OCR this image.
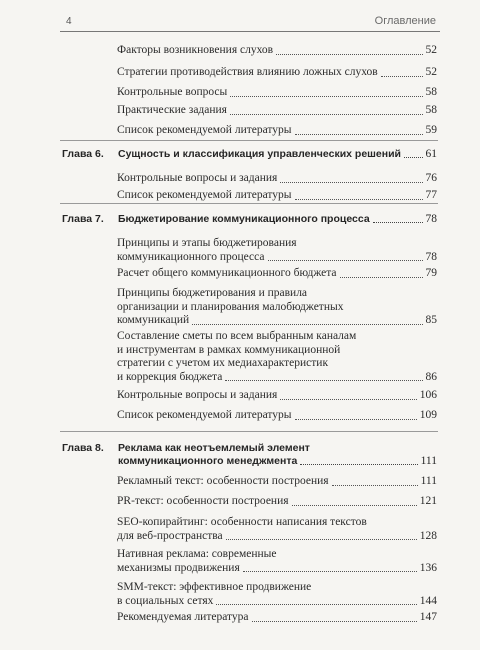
4	Оглавление
Факторы возникновения слухов	52
Стратегии противодействия влиянию ложных слухов	52
Контрольные вопросы	58
Практические задания	58
Список рекомендуемой литературы	59
Глава 6.	Сущность и классификация управленческих решений 61
Контрольные вопросы и задания	76
Список рекомендуемой литературы	77
Глава 7.	Бюджетирование коммуникационного процесса	78
Принципы и этапы бюджетирования
коммуникационного процесса	78
Расчет общего коммуникационного бюджета	79
Принципы бюджетирования и правила
организации и планирования малобюджетных
коммуникаций	85
Составление сметы по всем выбранным каналам
и инструментам в рамках коммуникационной
стратегии с учетом их медиахарактеристик
и коррекция бюджета	86
Контрольные вопросы и задания	106
Список рекомендуемой литературы	109
Глава 8.	Реклама как неотъемлемый элемент
коммуникационного менеджмента	111
Рекламный текст: особенности построения	111
PR-текст: особенности построения	121
SEO-копирайтинг: особенности написания текстов
для веб-пространства	128
Нативная реклама: современные
механизмы продвижения	136
SMM-текст: эффективное продвижение
в социальных сетях	144
Рекомендуемая литература	147
